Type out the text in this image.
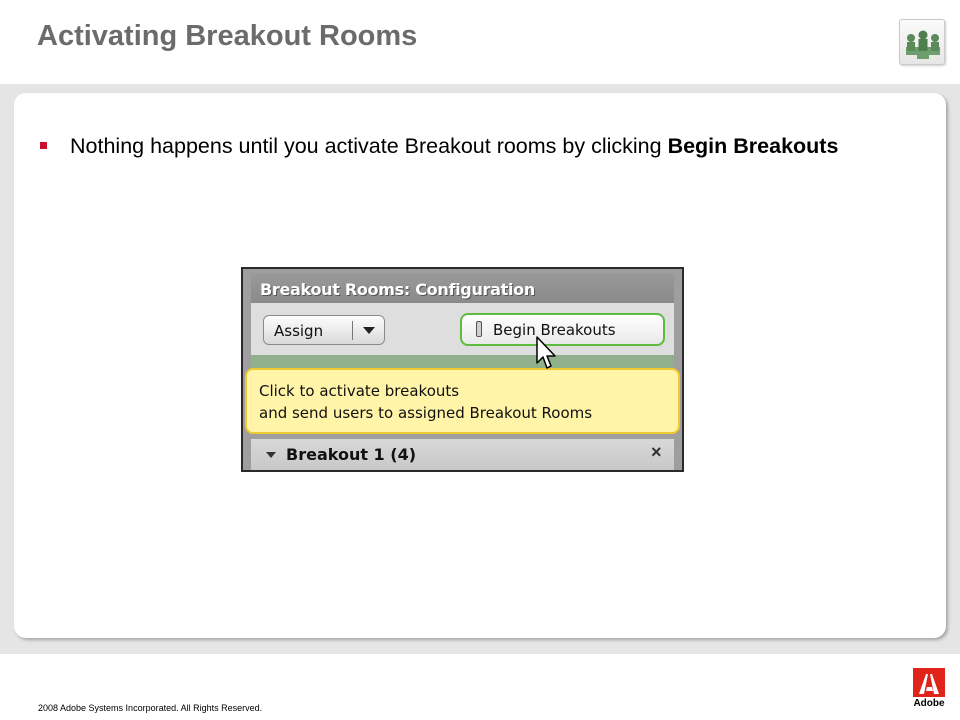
Activating Breakout Rooms
Nothing happens until you activate Breakout rooms by clicking Begin Breakouts
Breakout Rooms: Configuration
Assign	Begin Breakouts
Click to activate breakouts
and send users to assigned Breakout Rooms
Breakout 1 (4)	×
2008 Adobe Systems Incorporated. All Rights Reserved.	Adobe
